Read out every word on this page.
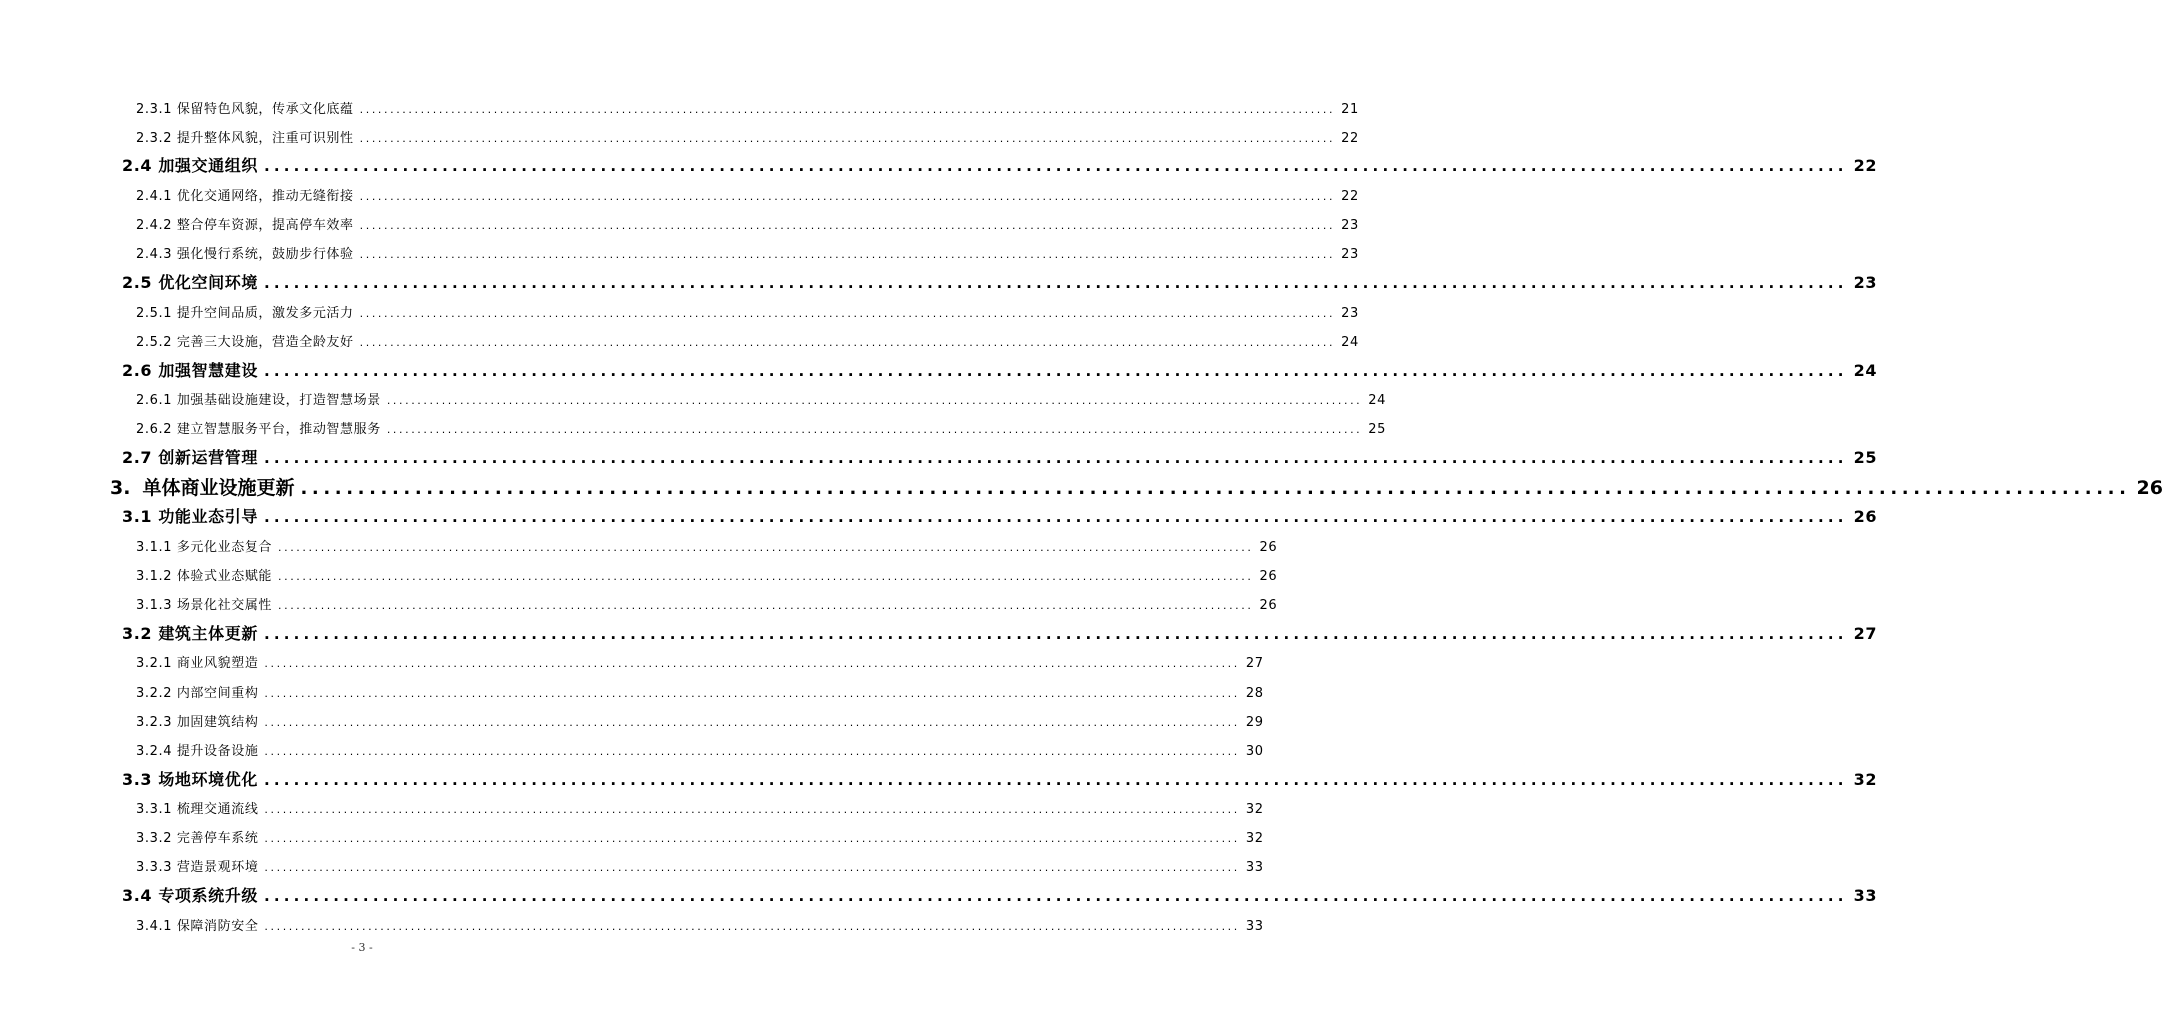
2.3.1 保留特色风貌，传承文化底蕴 ................................................................................................................................................................ 21
2.3.2 提升整体风貌，注重可识别性 ................................................................................................................................................................ 22
2.4 加强交通组织 ................................................................................................................................................................ 22
2.4.1 优化交通网络，推动无缝衔接 ................................................................................................................................................................ 22
2.4.2 整合停车资源，提高停车效率 ................................................................................................................................................................ 23
2.4.3 强化慢行系统，鼓励步行体验 ................................................................................................................................................................ 23
2.5 优化空间环境 ................................................................................................................................................................ 23
2.5.1 提升空间品质，激发多元活力 ................................................................................................................................................................ 23
2.5.2 完善三大设施，营造全龄友好 ................................................................................................................................................................ 24
2.6 加强智慧建设 ................................................................................................................................................................ 24
2.6.1 加强基础设施建设，打造智慧场景 ................................................................................................................................................................ 24
2.6.2 建立智慧服务平台，推动智慧服务 ................................................................................................................................................................ 25
2.7 创新运营管理 ................................................................................................................................................................ 25
3. 单体商业设施更新 ................................................................................................................................................................ 26
3.1 功能业态引导 ................................................................................................................................................................ 26
3.1.1 多元化业态复合 ................................................................................................................................................................ 26
3.1.2 体验式业态赋能 ................................................................................................................................................................ 26
3.1.3 场景化社交属性 ................................................................................................................................................................ 26
3.2 建筑主体更新 ................................................................................................................................................................ 27
3.2.1 商业风貌塑造 ................................................................................................................................................................ 27
3.2.2 内部空间重构 ................................................................................................................................................................ 28
3.2.3 加固建筑结构 ................................................................................................................................................................ 29
3.2.4 提升设备设施 ................................................................................................................................................................ 30
3.3 场地环境优化 ................................................................................................................................................................ 32
3.3.1 梳理交通流线 ................................................................................................................................................................ 32
3.3.2 完善停车系统 ................................................................................................................................................................ 32
3.3.3 营造景观环境 ................................................................................................................................................................ 33
3.4 专项系统升级 ................................................................................................................................................................ 33
3.4.1 保障消防安全 ................................................................................................................................................................ 33
- 3 -
